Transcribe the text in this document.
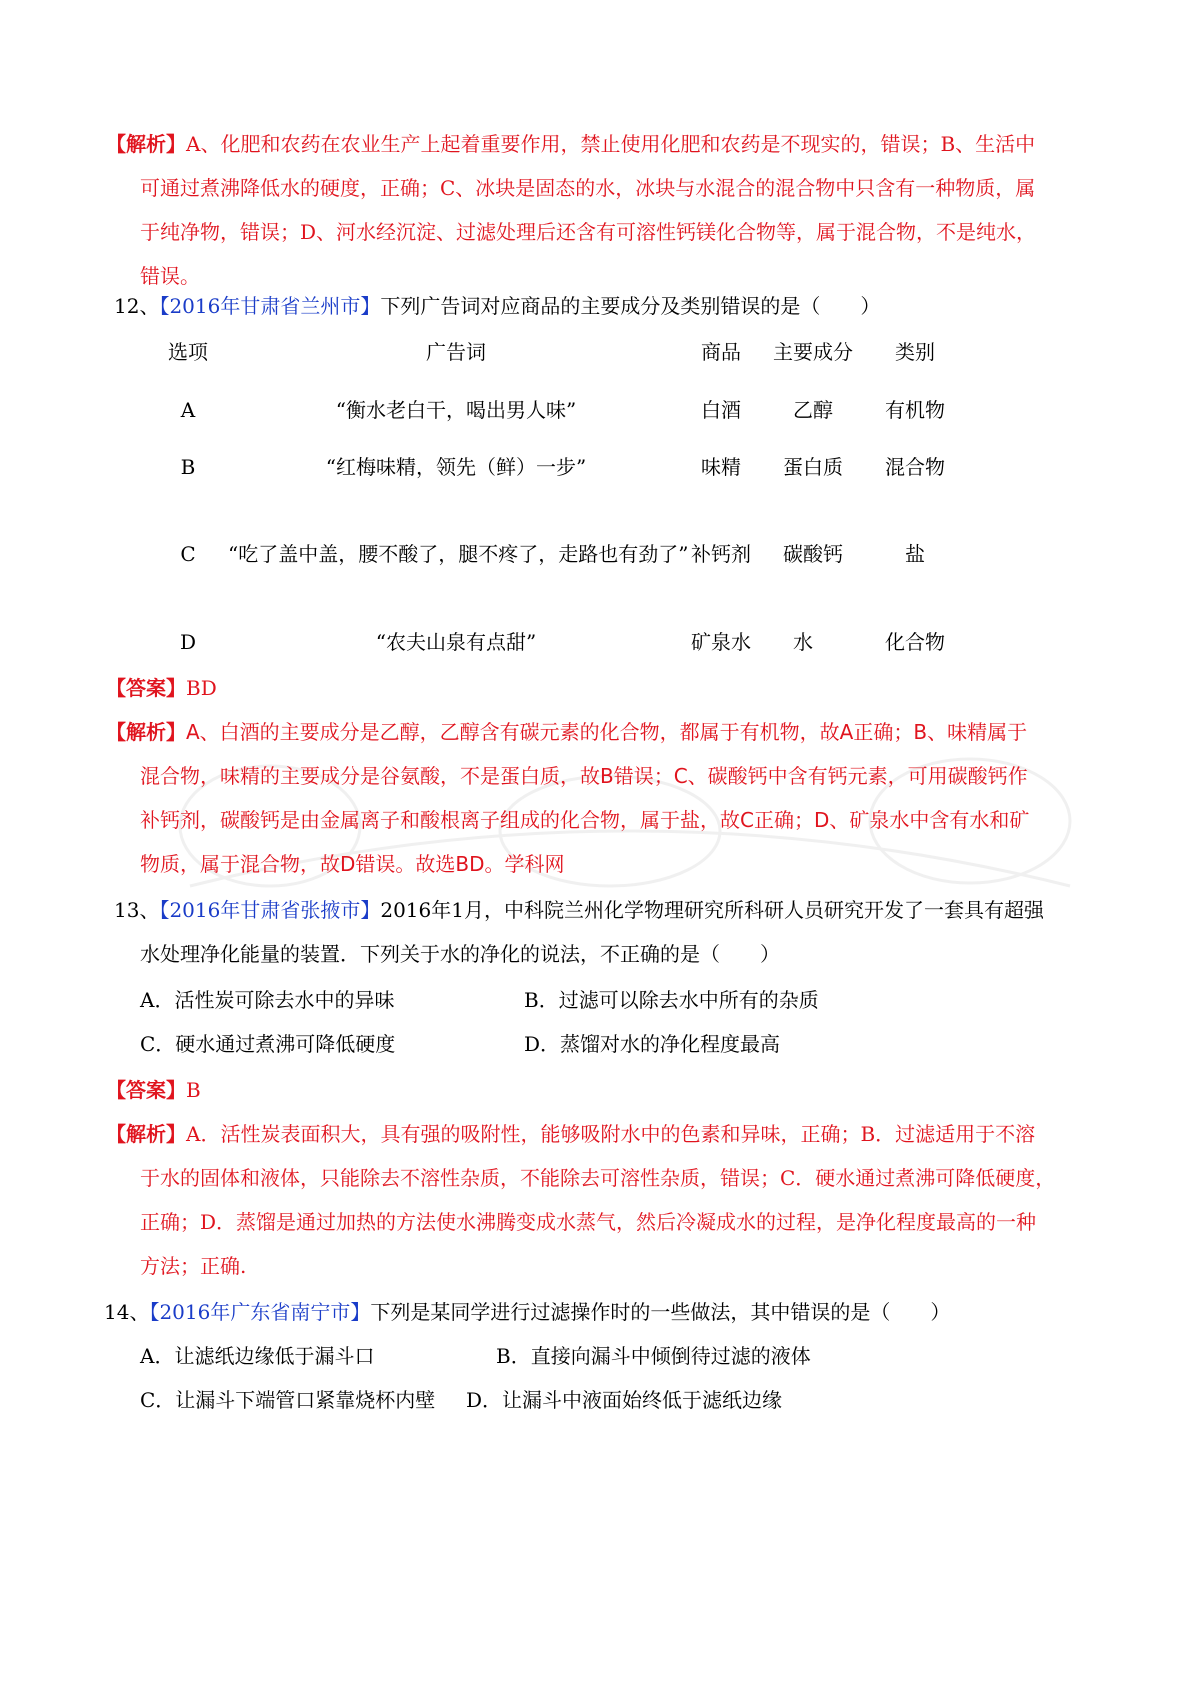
【解析】A、化肥和农药在农业生产上起着重要作用，禁止使用化肥和农药是不现实的，错误；B、生活中
可通过煮沸降低水的硬度，正确；C、冰块是固态的水，冰块与水混合的混合物中只含有一种物质，属
于纯净物，错误；D、河水经沉淀、过滤处理后还含有可溶性钙镁化合物等，属于混合物，不是纯水，
错误。
12、【2016年甘肃省兰州市】下列广告词对应商品的主要成分及类别错误的是（　　）
选项	广告词	商品	主要成分	类别
A	“衡水老白干，喝出男人味”	白酒	乙醇	有机物
B	“红梅味精，领先（鲜）一步”	味精	蛋白质	混合物
C	“吃了盖中盖，腰不酸了，腿不疼了，走路也有劲了” 补钙剂	碳酸钙	盐
D	“农夫山泉有点甜”	矿泉水	水	化合物
【答案】BD
【解析】A、白酒的主要成分是乙醇，乙醇含有碳元素的化合物，都属于有机物，故A正确；B、味精属于
混合物，味精的主要成分是谷氨酸，不是蛋白质，故B错误；C、碳酸钙中含有钙元素，可用碳酸钙作
补钙剂，碳酸钙是由金属离子和酸根离子组成的化合物，属于盐，故C正确；D、矿泉水中含有水和矿
物质，属于混合物，故D错误。故选BD。学科网
13、【2016年甘肃省张掖市】2016年1月，中科院兰州化学物理研究所科研人员研究开发了一套具有超强
水处理净化能量的装置．下列关于水的净化的说法，不正确的是（　　）
A．活性炭可除去水中的异味	B．过滤可以除去水中所有的杂质
C．硬水通过煮沸可降低硬度	D．蒸馏对水的净化程度最高
【答案】B
【解析】A．活性炭表面积大，具有强的吸附性，能够吸附水中的色素和异味，正确；B．过滤适用于不溶
于水的固体和液体，只能除去不溶性杂质，不能除去可溶性杂质，错误；C．硬水通过煮沸可降低硬度，
正确；D．蒸馏是通过加热的方法使水沸腾变成水蒸气，然后冷凝成水的过程，是净化程度最高的一种
方法；正确.
14、【2016年广东省南宁市】下列是某同学进行过滤操作时的一些做法，其中错误的是（　　）
A．让滤纸边缘低于漏斗口	B．直接向漏斗中倾倒待过滤的液体
C．让漏斗下端管口紧靠烧杯内壁 D．让漏斗中液面始终低于滤纸边缘
